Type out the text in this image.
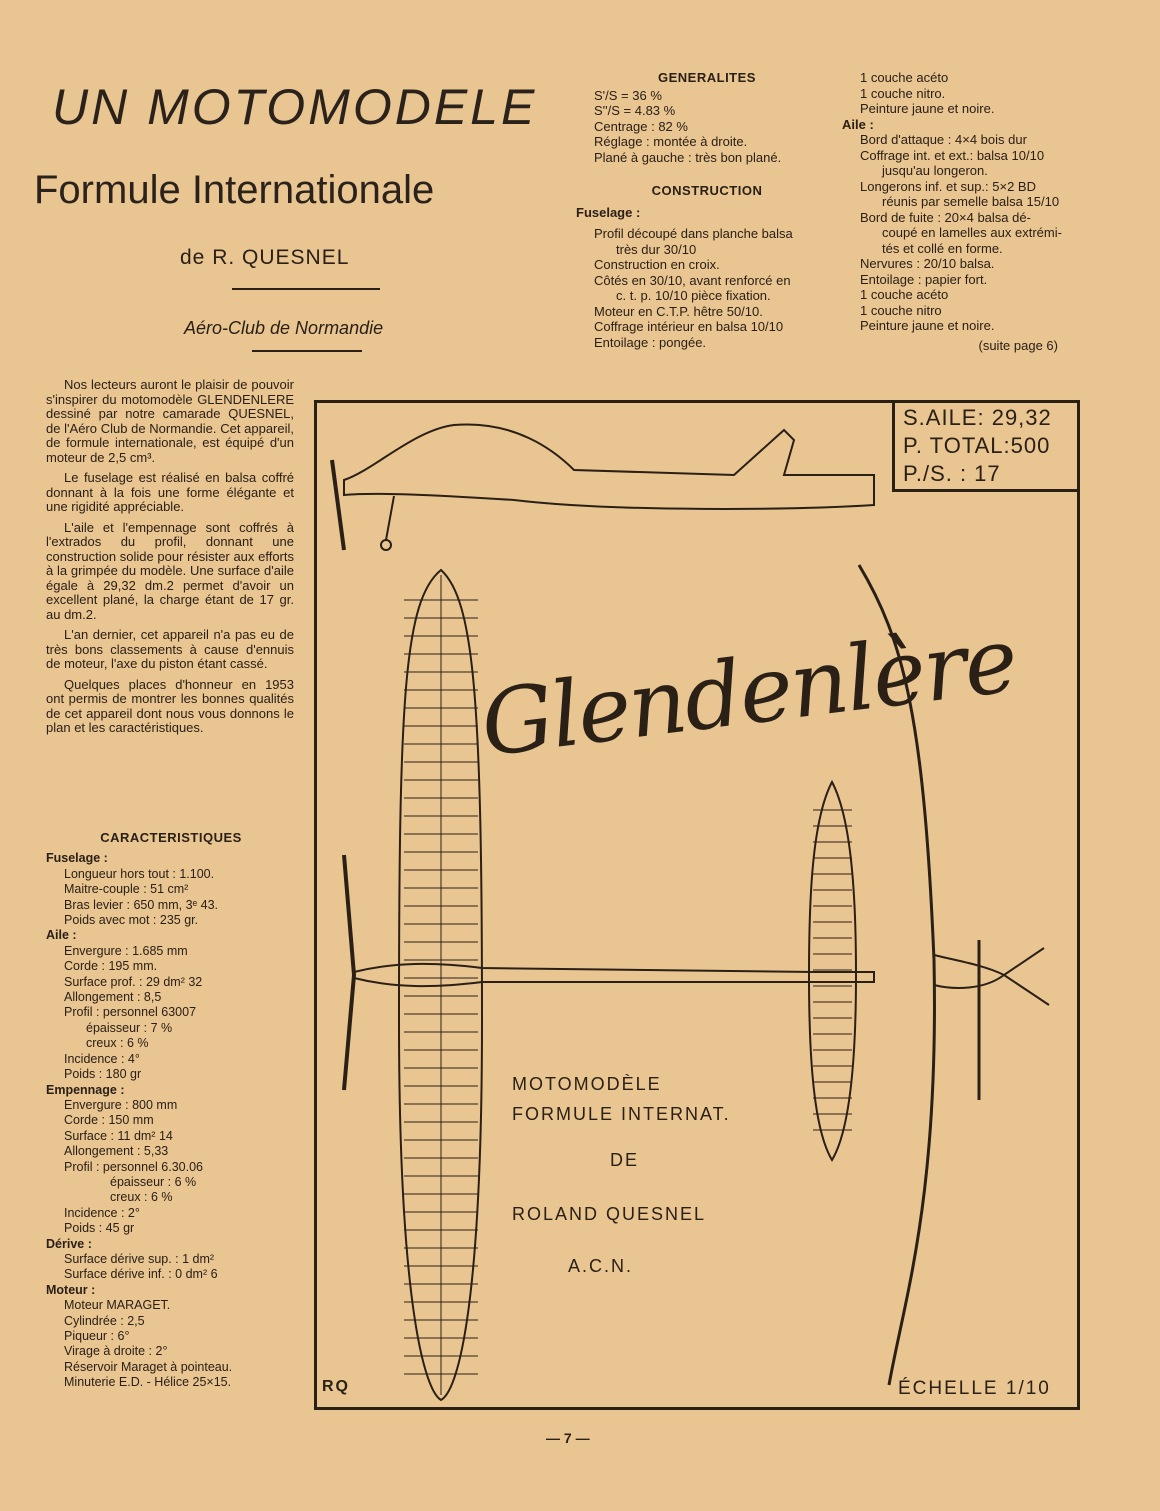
UN MOTOMODELE
Formule Internationale
de R. QUESNEL
Aéro-Club de Normandie

Nos lecteurs auront le plaisir de pouvoir s'inspirer du motomodèle GLENDENLERE dessiné par notre camarade QUESNEL, de l'Aéro Club de Normandie. Cet appareil, de formule internationale, est équipé d'un moteur de 2,5 cm³.

Le fuselage est réalisé en balsa coffré donnant à la fois une forme élégante et une rigidité appréciable.

L'aile et l'empennage sont coffrés à l'extrados du profil, donnant une construction solide pour résister aux efforts à la grimpée du modèle. Une surface d'aile égale à 29,32 dm.2 permet d'avoir un excellent plané, la charge étant de 17 gr. au dm.2.

L'an dernier, cet appareil n'a pas eu de très bons classements à cause d'ennuis de moteur, l'axe du piston étant cassé.

Quelques places d'honneur en 1953 ont permis de montrer les bonnes qualités de cet appareil dont nous vous donnons le plan et les caractéristiques.

CARACTERISTIQUES
Fuselage :
Longueur hors tout : 1.100.
Maitre-couple : 51 cm²
Bras levier : 650 mm, 3ᵉ 43.
Poids avec mot : 235 gr.
Aile :
Envergure : 1.685 mm
Corde : 195 mm.
Surface prof. : 29 dm² 32
Allongement : 8,5
Profil : personnel 63007
épaisseur : 7 %
creux : 6 %
Incidence : 4°
Poids : 180 gr
Empennage :
Envergure : 800 mm
Corde : 150 mm
Surface : 11 dm² 14
Allongement : 5,33
Profil : personnel 6.30.06
épaisseur : 6 %
creux : 6 %
Incidence : 2°
Poids : 45 gr
Dérive :
Surface dérive sup. : 1 dm²
Surface dérive inf. : 0 dm² 6
Moteur :
Moteur MARAGET.
Cylindrée : 2,5
Piqueur : 6°
Virage à droite : 2°
Réservoir Maraget à pointeau.
Minuterie E.D. - Hélice 25×15.
GENERALITES
S'/S = 36 %
S''/S = 4.83 %
Centrage : 82 %
Réglage : montée à droite.
Plané à gauche : très bon plané.
CONSTRUCTION
Fuselage :
Profil découpé dans planche balsa
très dur 30/10
Construction en croix.
Côtés en 30/10, avant renforcé en
c. t. p. 10/10 pièce fixation.
Moteur en C.T.P. hêtre 50/10.
Coffrage intérieur en balsa 10/10
Entoilage : pongée.
1 couche acéto
1 couche nitro.
Peinture jaune et noire.
Aile :
Bord d'attaque : 4×4 bois dur
Coffrage int. et ext.: balsa 10/10
jusqu'au longeron.
Longerons inf. et sup.: 5×2 BD
réunis par semelle balsa 15/10
Bord de fuite : 20×4 balsa dé-
coupé en lamelles aux extrémi-
tés et collé en forme.
Nervures : 20/10 balsa.
Entoilage : papier fort.
1 couche acéto
1 couche nitro
Peinture jaune et noire.
(suite page 6)
S.AILE: 29,32
P. TOTAL:500
P./S. : 17
Glendenlère
MOTOMODÈLE
FORMULE INTERNAT.
DE
ROLAND QUESNEL
A.C.N.
ÉCHELLE 1/10
RQ
— 7 —
